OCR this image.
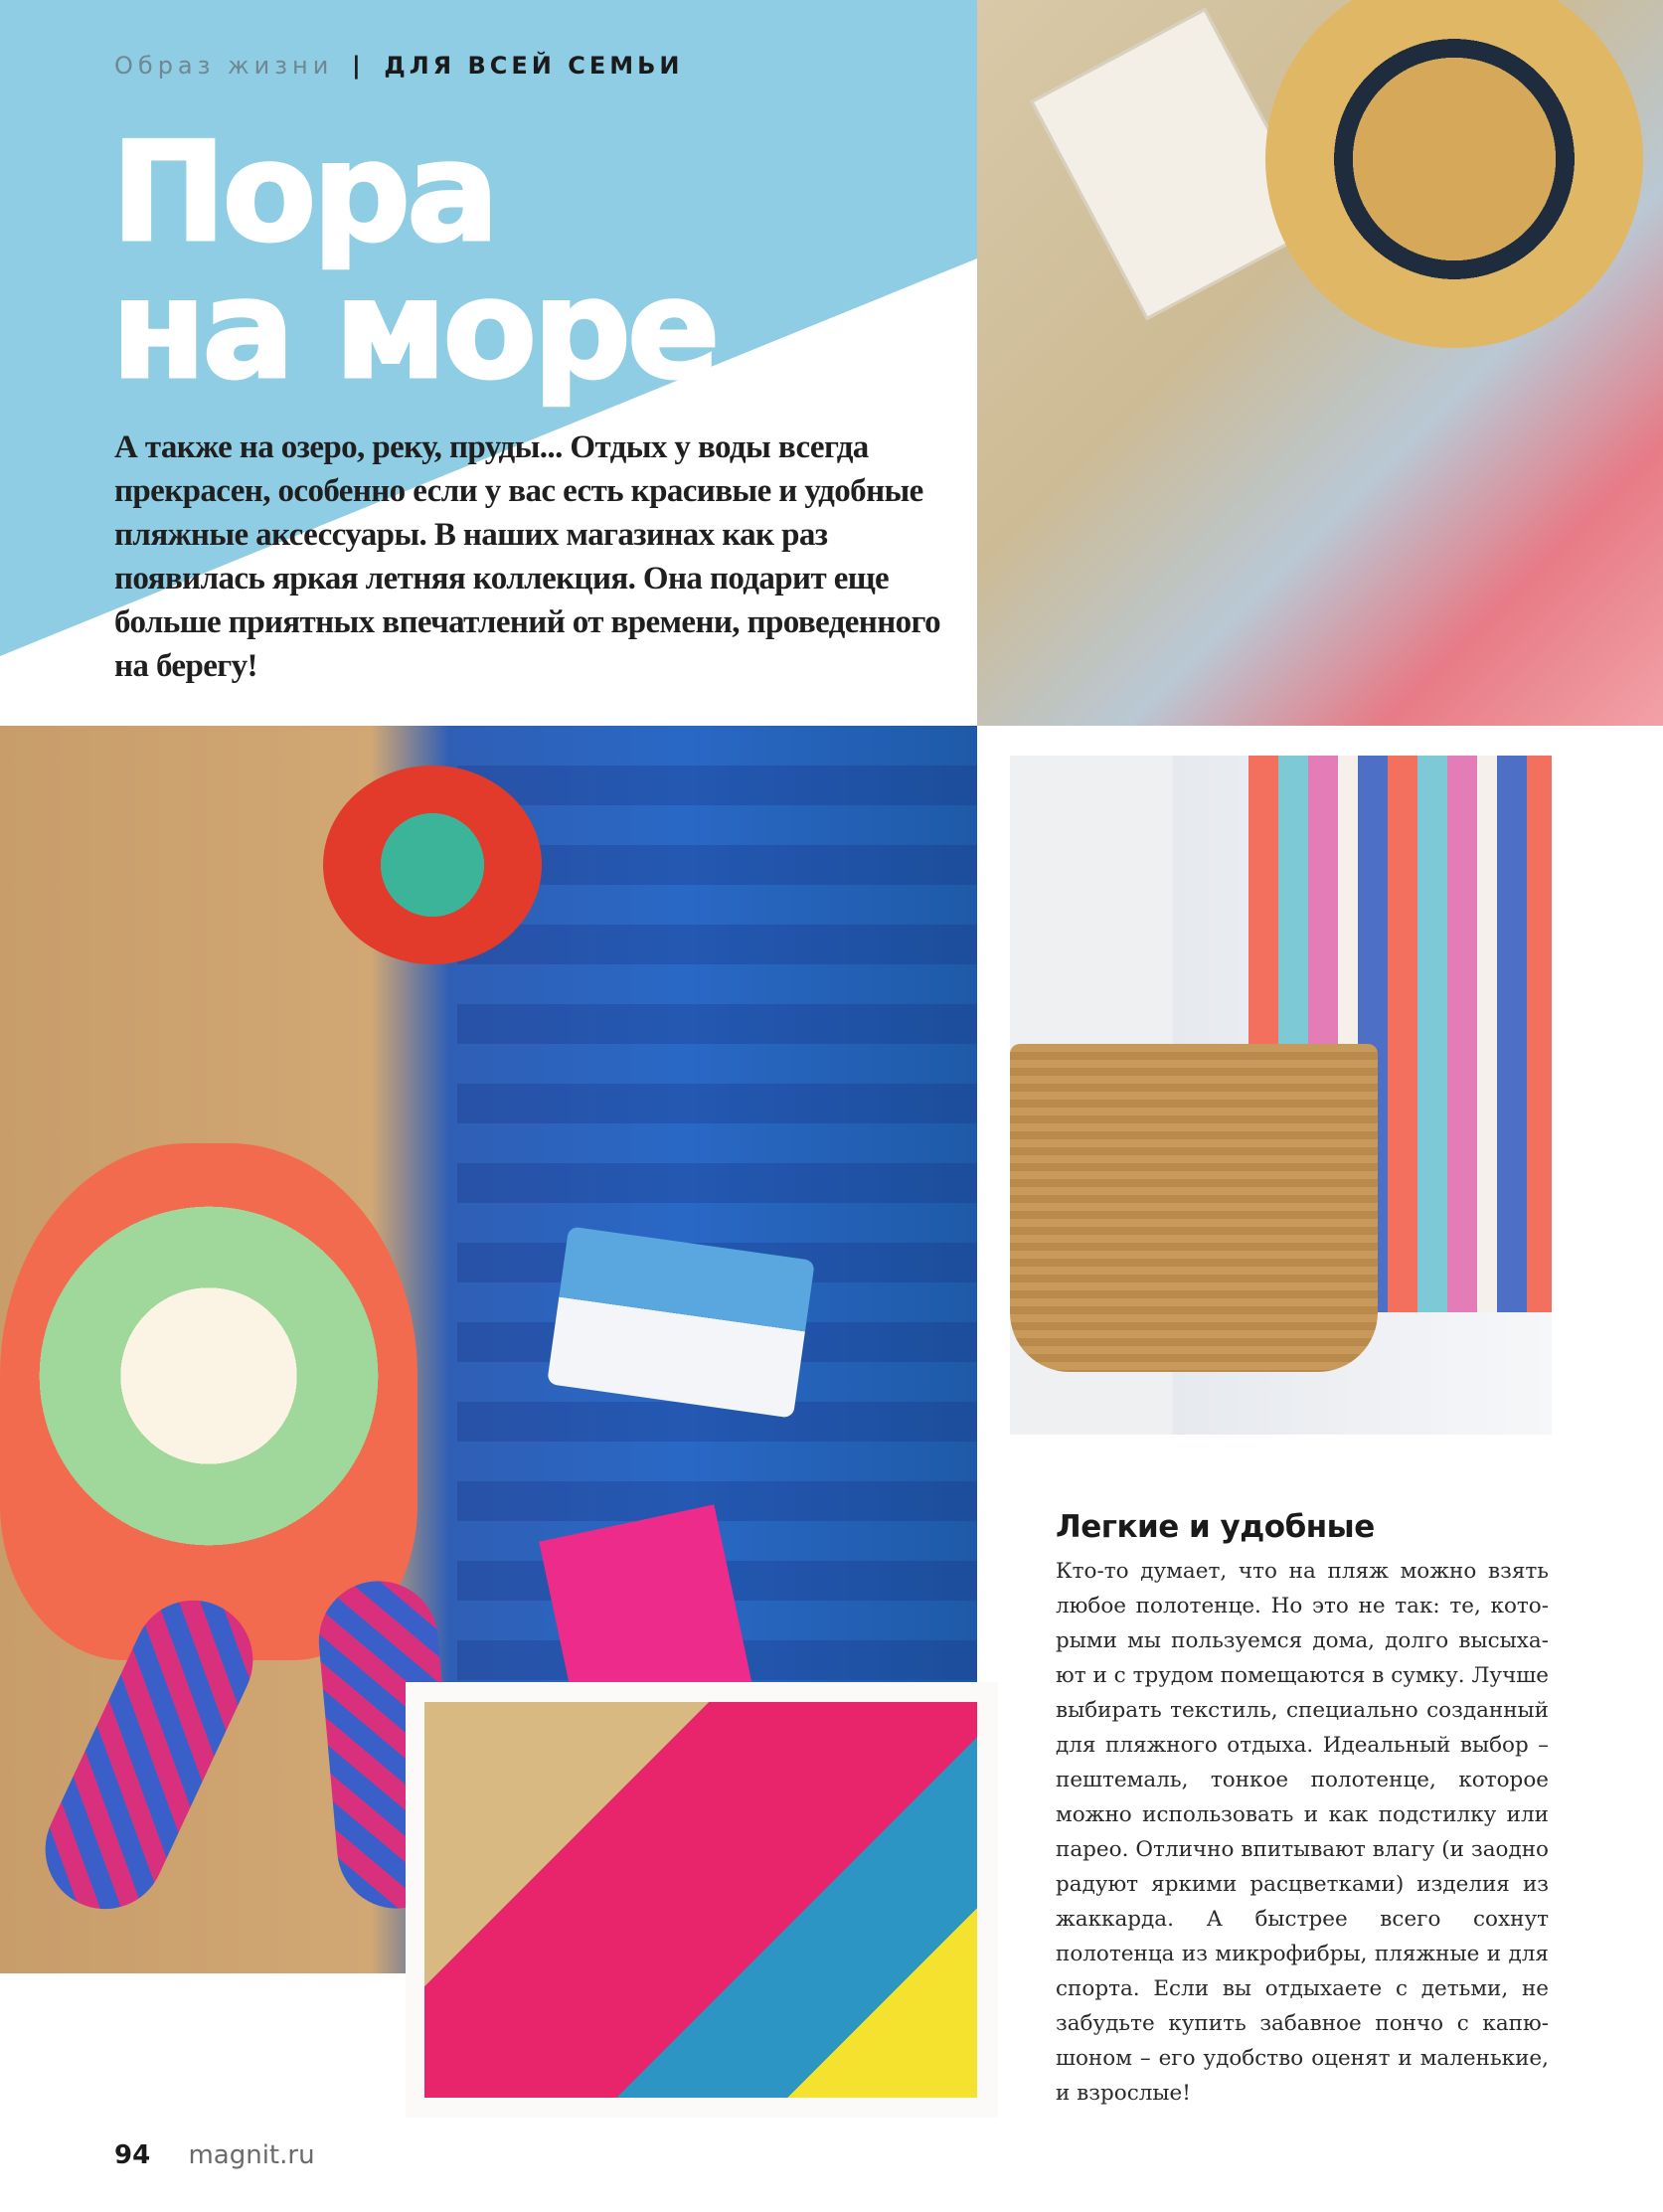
Образ жизни | ДЛЯ ВСЕЙ СЕМЬИ
Пора
на море

А также на озеро, реку, пруды... Отдых у воды всегда прекрасен, особенно если у вас есть красивые и удобные пляжные аксессуары. В наших магазинах как раз появилась яркая летняя коллекция. Она подарит еще больше приятных впечатлений от времени, проведенного на берегу!

Легкие и удобные

Кто-то думает, что на пляж можно взять любое полотенце. Но это не так: те, которыми мы пользуемся дома, долго высыхают и с трудом помещаются в сумку. Лучше выбирать текстиль, специально созданный для пляжного отдыха. Идеальный выбор – пештемаль, тонкое полотенце, которое можно использовать и как подстилку или парео. Отлично впитывают влагу (и заодно радуют яркими расцветками) изделия из жаккарда. А быстрее всего сохнут полотенца из микрофибры, пляжные и для спорта. Если вы отдыхаете с детьми, не забудьте купить забавное пончо с капюшоном – его удобство оценят и маленькие, и взрослые!

94 magnit.ru
